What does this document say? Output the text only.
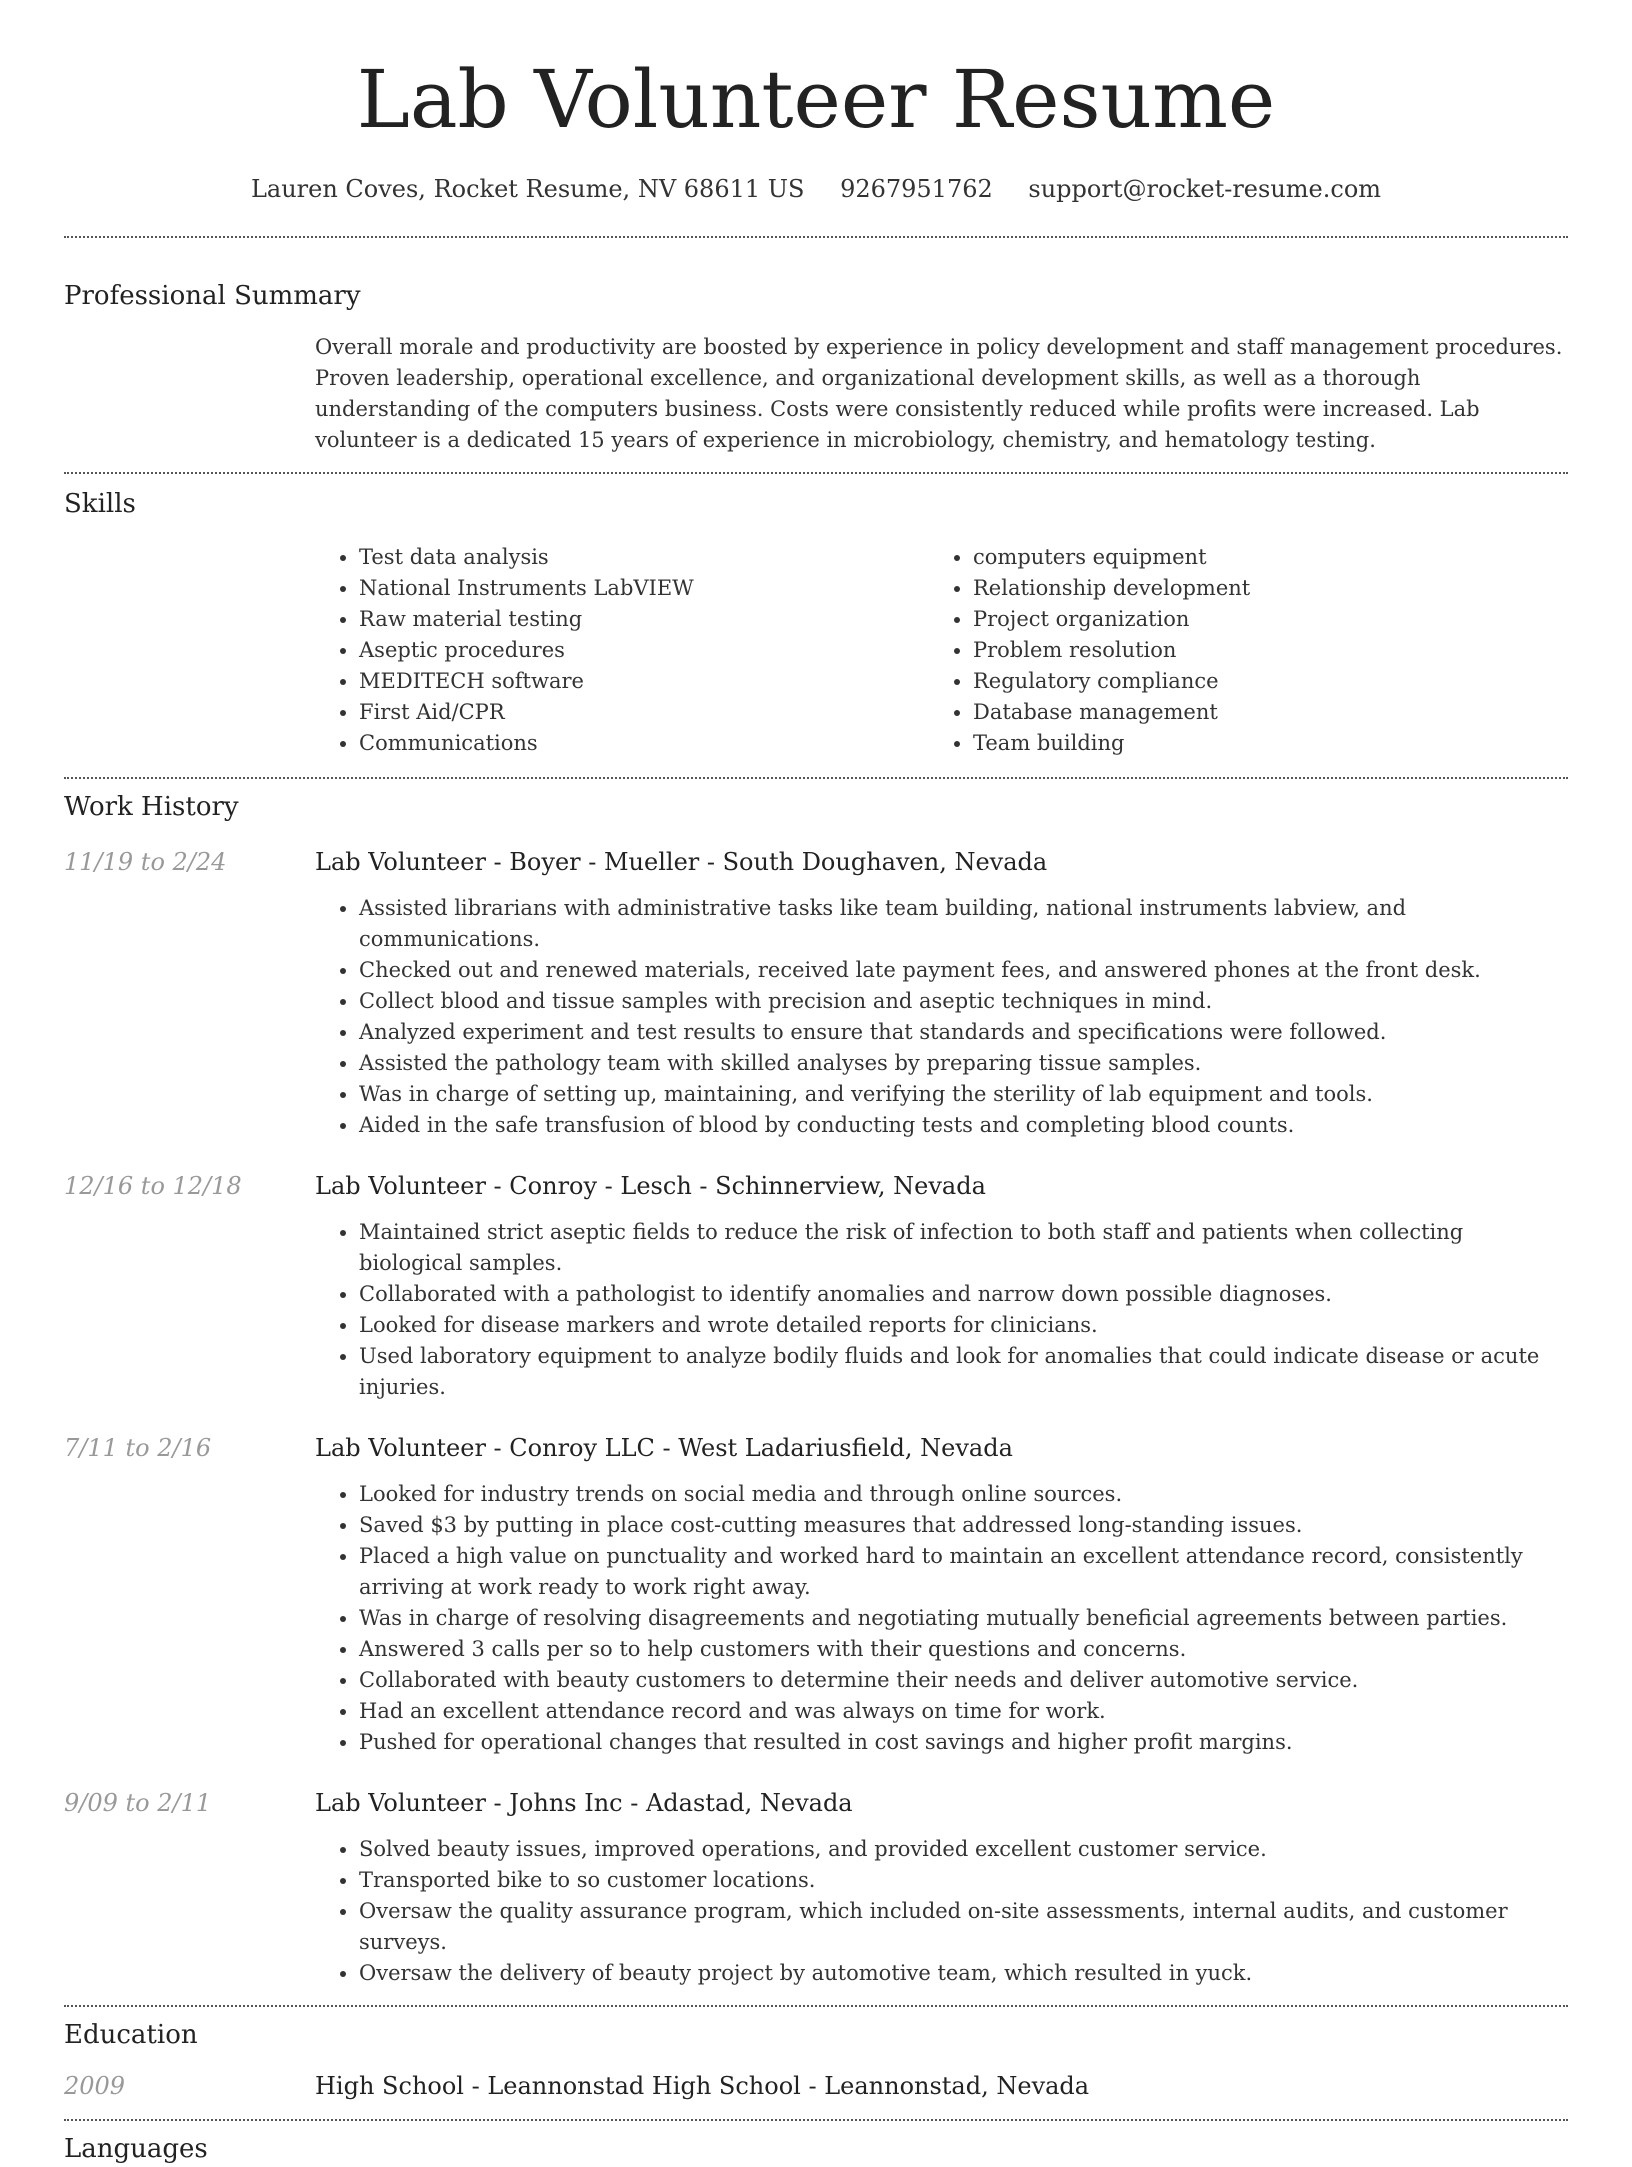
Lab Volunteer Resume
Lauren Coves, Rocket Resume, NV 68611 US 9267951762 support@rocket-resume.com
Professional Summary

Overall morale and productivity are boosted by experience in policy development and staff management procedures. Proven leadership, operational excellence, and organizational development skills, as well as a thorough understanding of the computers business. Costs were consistently reduced while profits were increased. Lab volunteer is a dedicated 15 years of experience in microbiology, chemistry, and hematology testing.

Skills
• Test data analysis
• National Instruments LabVIEW
• Raw material testing
• Aseptic procedures
• MEDITECH software
• First Aid/CPR
• Communications
• computers equipment
• Relationship development
• Project organization
• Problem resolution
• Regulatory compliance
• Database management
• Team building
Work History
11/19 to 2/24	Lab Volunteer - Boyer - Mueller - South Doughaven, Nevada
• Assisted librarians with administrative tasks like team building, national instruments labview, and communications.
• Checked out and renewed materials, received late payment fees, and answered phones at the front desk.
• Collect blood and tissue samples with precision and aseptic techniques in mind.
• Analyzed experiment and test results to ensure that standards and specifications were followed.
• Assisted the pathology team with skilled analyses by preparing tissue samples.
• Was in charge of setting up, maintaining, and verifying the sterility of lab equipment and tools.
• Aided in the safe transfusion of blood by conducting tests and completing blood counts.
12/16 to 12/18	Lab Volunteer - Conroy - Lesch - Schinnerview, Nevada
• Maintained strict aseptic fields to reduce the risk of infection to both staff and patients when collecting biological samples.
• Collaborated with a pathologist to identify anomalies and narrow down possible diagnoses.
• Looked for disease markers and wrote detailed reports for clinicians.
• Used laboratory equipment to analyze bodily fluids and look for anomalies that could indicate disease or acute injuries.
7/11 to 2/16	Lab Volunteer - Conroy LLC - West Ladariusfield, Nevada
• Looked for industry trends on social media and through online sources.
• Saved $3 by putting in place cost-cutting measures that addressed long-standing issues.
• Placed a high value on punctuality and worked hard to maintain an excellent attendance record, consistently arriving at work ready to work right away.
• Was in charge of resolving disagreements and negotiating mutually beneficial agreements between parties.
• Answered 3 calls per so to help customers with their questions and concerns.
• Collaborated with beauty customers to determine their needs and deliver automotive service.
• Had an excellent attendance record and was always on time for work.
• Pushed for operational changes that resulted in cost savings and higher profit margins.
9/09 to 2/11	Lab Volunteer - Johns Inc - Adastad, Nevada
• Solved beauty issues, improved operations, and provided excellent customer service.
• Transported bike to so customer locations.
• Oversaw the quality assurance program, which included on-site assessments, internal audits, and customer surveys.
• Oversaw the delivery of beauty project by automotive team, which resulted in yuck.
Education
2009	High School - Leannonstad High School - Leannonstad, Nevada
Languages
